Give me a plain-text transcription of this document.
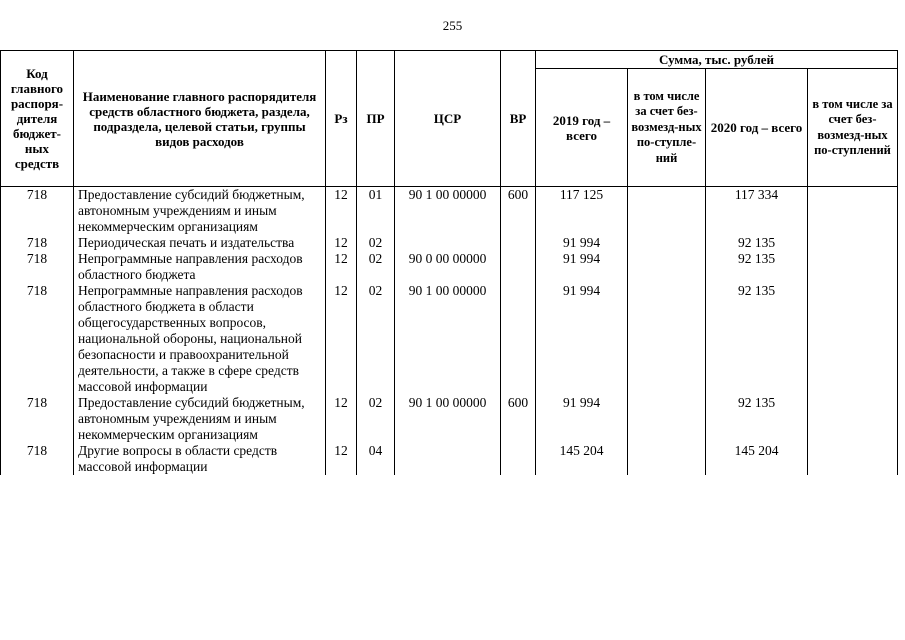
255
Код главного распоря-дителя бюджет-ных средств	Наименование главного распорядителя средств областного бюджета, раздела, подраздела, целевой статьи, группы видов расходов	Рз	ПР	ЦСР	ВР	Сумма, тыс. рублей			
						2019 год – всего	в том числе за счет без-возмезд-ных по-ступле-ний	2020 год – всего	в том числе за счет без-возмезд-ных по-ступлений
718	Предоставление субсидий бюджетным, автономным учреждениям и иным некоммерческим организациям	12	01	90 1 00 00000	600	117 125		117 334	
718	Периодическая печать и издательства	12	02			91 994		92 135	
718	Непрограммные направления расходов областного бюджета	12	02	90 0 00 00000		91 994		92 135	
718	Непрограммные направления расходов областного бюджета в области общегосударственных вопросов, национальной обороны, национальной безопасности и правоохранительной деятельности, а также в сфере средств массовой информации	12	02	90 1 00 00000		91 994		92 135	
718	Предоставление субсидий бюджетным, автономным учреждениям и иным некоммерческим организациям	12	02	90 1 00 00000	600	91 994		92 135	
718	Другие вопросы в области средств массовой информации	12	04			145 204		145 204	
